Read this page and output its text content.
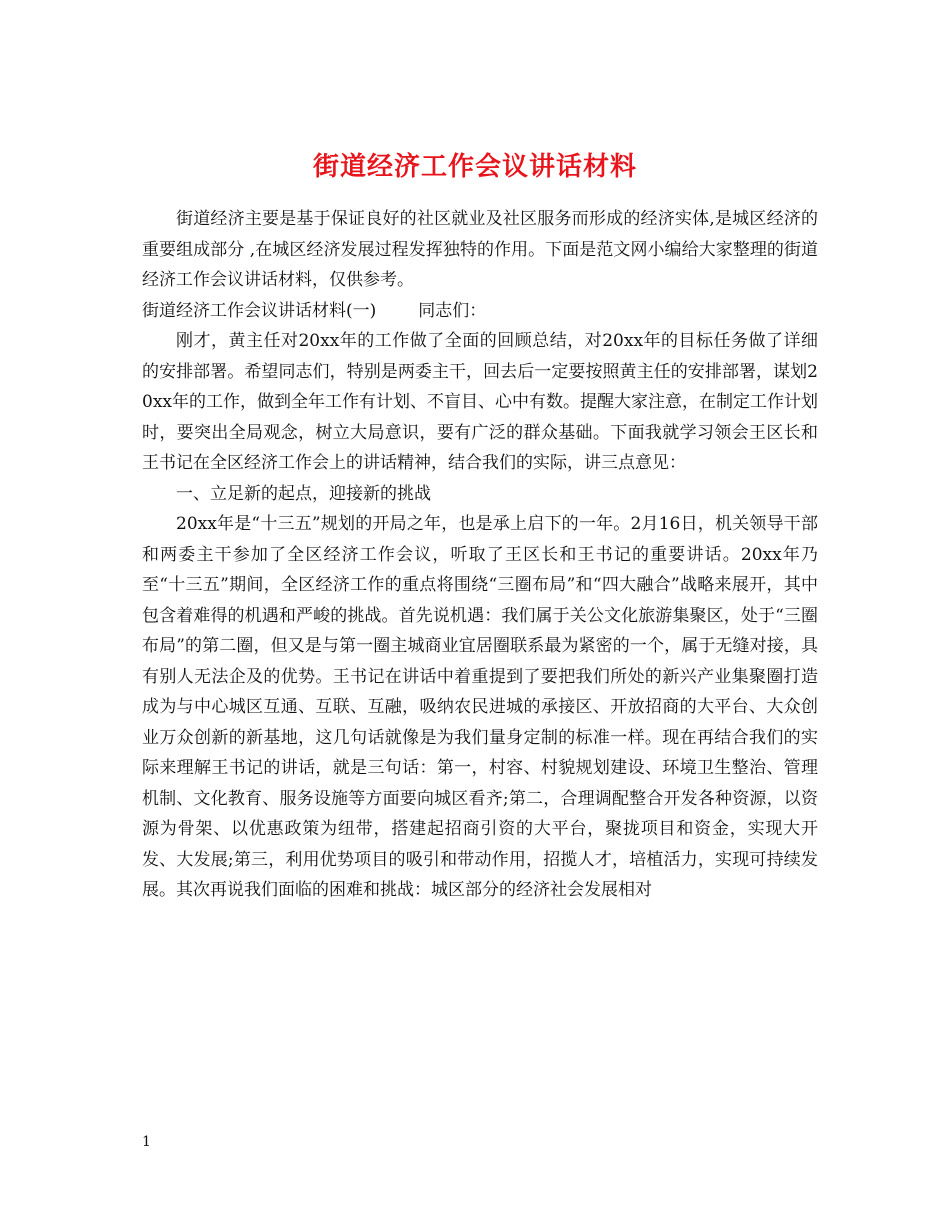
街道经济工作会议讲话材料

街道经济主要是基于保证良好的社区就业及社区服务而形成的经济实体,是城区经济的重要组成部分 ,在城区经济发展过程发挥独特的作用。下面是范文网小编给大家整理的街道经济工作会议讲话材料，仅供参考。

街道经济工作会议讲话材料(一) 同志们：

刚才，黄主任对20xx年的工作做了全面的回顾总结，对20xx年的目标任务做了详细的安排部署。希望同志们，特别是两委主干，回去后一定要按照黄主任的安排部署，谋划20xx年的工作，做到全年工作有计划、不盲目、心中有数。提醒大家注意，在制定工作计划时，要突出全局观念，树立大局意识，要有广泛的群众基础。下面我就学习领会王区长和王书记在全区经济工作会上的讲话精神，结合我们的实际，讲三点意见：

一、立足新的起点，迎接新的挑战

20xx年是“十三五”规划的开局之年，也是承上启下的一年。2月16日，机关领导干部和两委主干参加了全区经济工作会议，听取了王区长和王书记的重要讲话。20xx年乃至“十三五”期间，全区经济工作的重点将围绕“三圈布局”和“四大融合”战略来展开，其中包含着难得的机遇和严峻的挑战。首先说机遇：我们属于关公文化旅游集聚区，处于“三圈布局”的第二圈，但又是与第一圈主城商业宜居圈联系最为紧密的一个，属于无缝对接，具有别人无法企及的优势。王书记在讲话中着重提到了要把我们所处的新兴产业集聚圈打造成为与中心城区互通、互联、互融，吸纳农民进城的承接区、开放招商的大平台、大众创业万众创新的新基地，这几句话就像是为我们量身定制的标准一样。现在再结合我们的实际来理解王书记的讲话，就是三句话：第一，村容、村貌规划建设、环境卫生整治、管理机制、文化教育、服务设施等方面要向城区看齐;第二，合理调配整合开发各种资源，以资源为骨架、以优惠政策为纽带，搭建起招商引资的大平台，聚拢项目和资金，实现大开发、大发展;第三，利用优势项目的吸引和带动作用，招揽人才，培植活力，实现可持续发展。其次再说我们面临的困难和挑战：城区部分的经济社会发展相对

1
